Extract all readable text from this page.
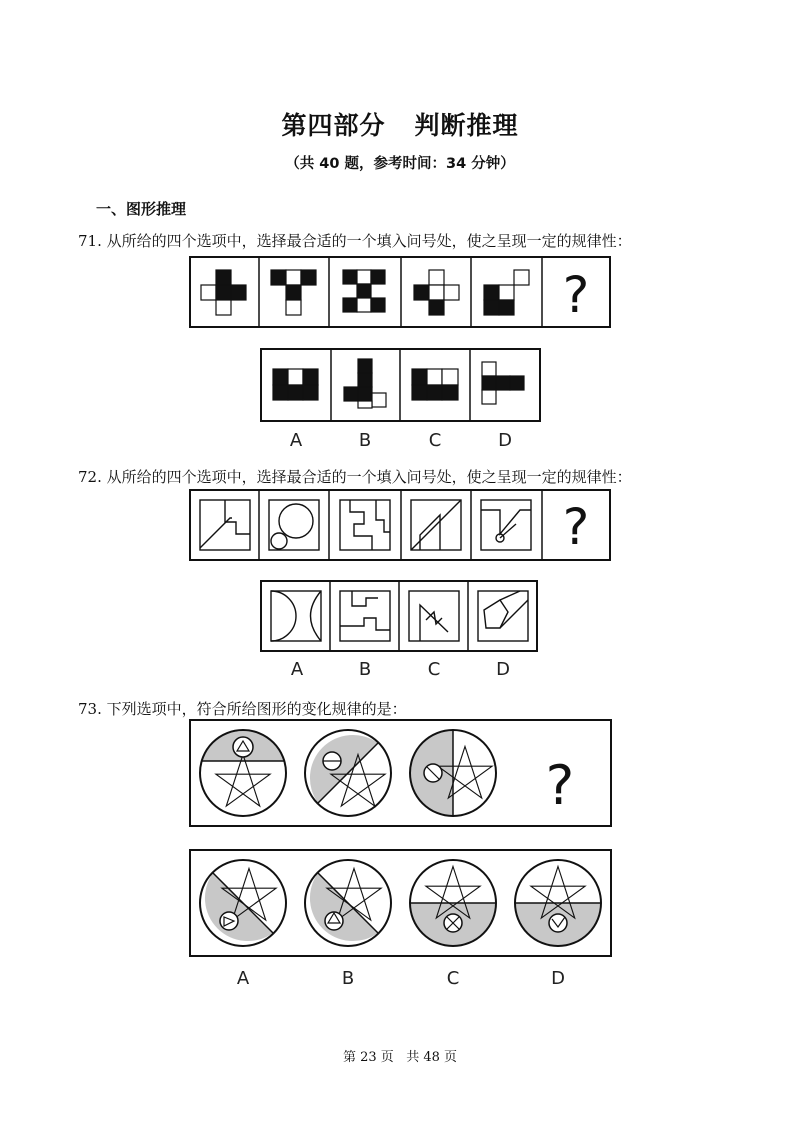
第四部分   判断推理
（共 40 题，参考时间：34 分钟）
一、图形推理
71. 从所给的四个选项中，选择最合适的一个填入问号处，使之呈现一定的规律性：
72. 从所给的四个选项中，选择最合适的一个填入问号处，使之呈现一定的规律性：
73. 下列选项中，符合所给图形的变化规律的是：
?
A	B	C	D
?
A	B	C	D
?
A	B	C	D
第 23 页   共 48 页
